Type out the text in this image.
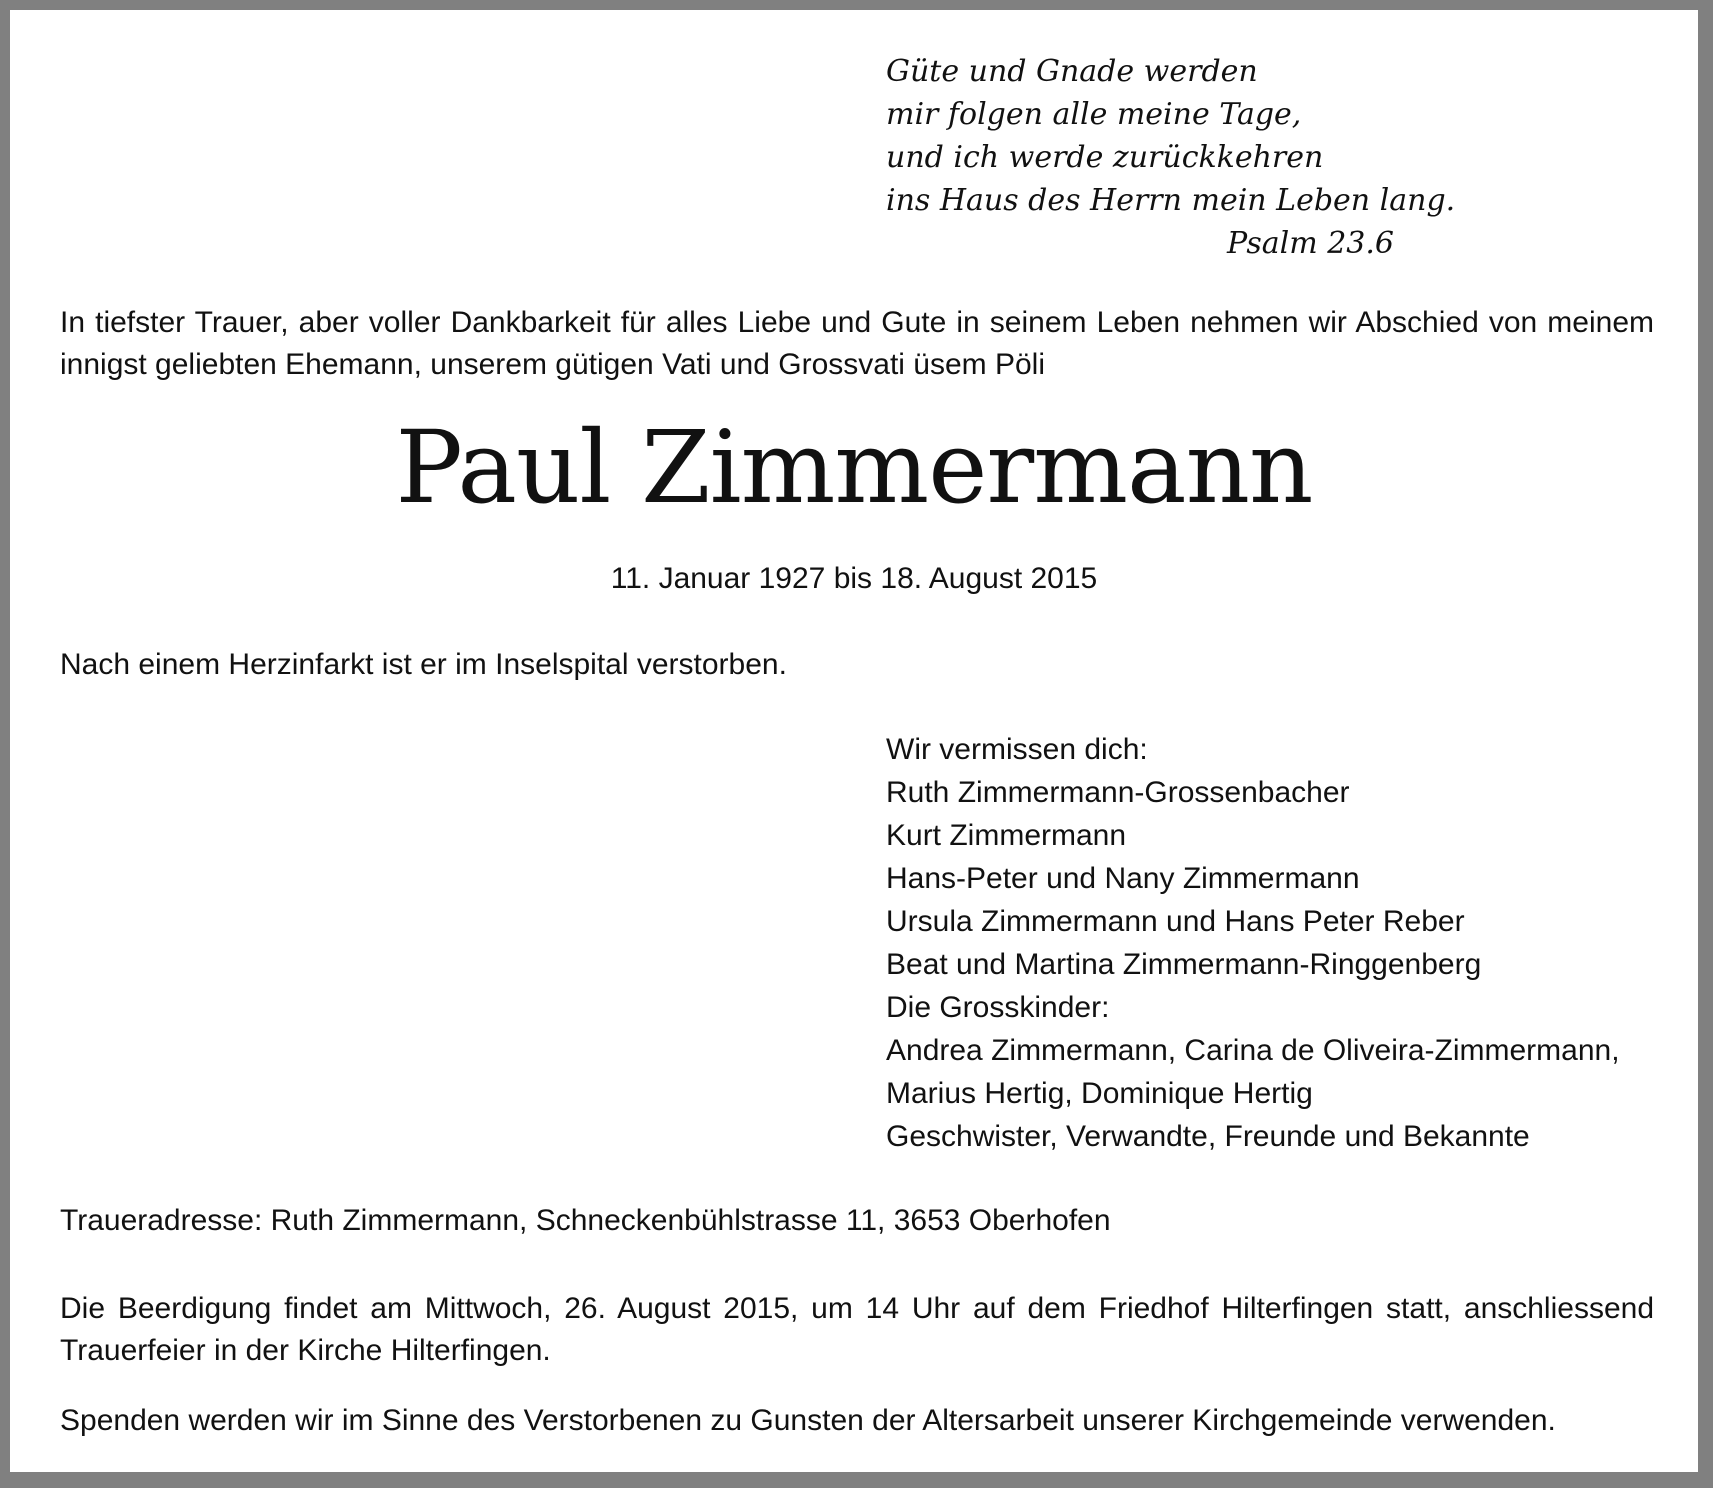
Güte und Gnade werden
mir folgen alle meine Tage,
und ich werde zurückkehren
ins Haus des Herrn mein Leben lang.
Psalm 23.6
In tiefster Trauer, aber voller Dankbarkeit für alles Liebe und Gute in seinem Leben nehmen wir Abschied von meinem innigst geliebten Ehemann, unserem gütigen Vati und Grossvati üsem Pöli
Paul Zimmermann
11. Januar 1927 bis 18. August 2015
Nach einem Herzinfarkt ist er im Inselspital verstorben.
Wir vermissen dich:
Ruth Zimmermann-Grossenbacher
Kurt Zimmermann
Hans-Peter und Nany Zimmermann
Ursula Zimmermann und Hans Peter Reber
Beat und Martina Zimmermann-Ringgenberg
Die Grosskinder:
Andrea Zimmermann, Carina de Oliveira-Zimmermann,
Marius Hertig, Dominique Hertig
Geschwister, Verwandte, Freunde und Bekannte
Traueradresse: Ruth Zimmermann, Schneckenbühlstrasse 11, 3653 Oberhofen
Die Beerdigung findet am Mittwoch, 26. August 2015, um 14 Uhr auf dem Friedhof Hilterfingen statt, anschliessend Trauerfeier in der Kirche Hilterfingen.
Spenden werden wir im Sinne des Verstorbenen zu Gunsten der Altersarbeit unserer Kirchgemeinde verwenden.
